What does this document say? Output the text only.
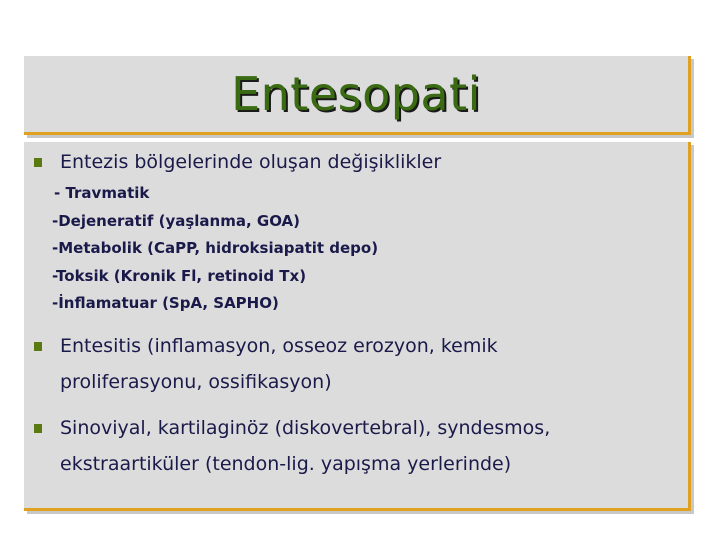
Entesopati
Entezis bölgelerinde oluşan değişiklikler
- Travmatik
-Dejeneratif (yaşlanma, GOA)
-Metabolik (CaPP, hidroksiapatit depo)
-Toksik (Kronik Fl, retinoid Tx)
-İnflamatuar (SpA, SAPHO)
Entesitis (inflamasyon, osseoz erozyon, kemik
proliferasyonu, ossifikasyon)
Sinoviyal, kartilaginöz (diskovertebral), syndesmos,
ekstraartiküler (tendon-lig. yapışma yerlerinde)
